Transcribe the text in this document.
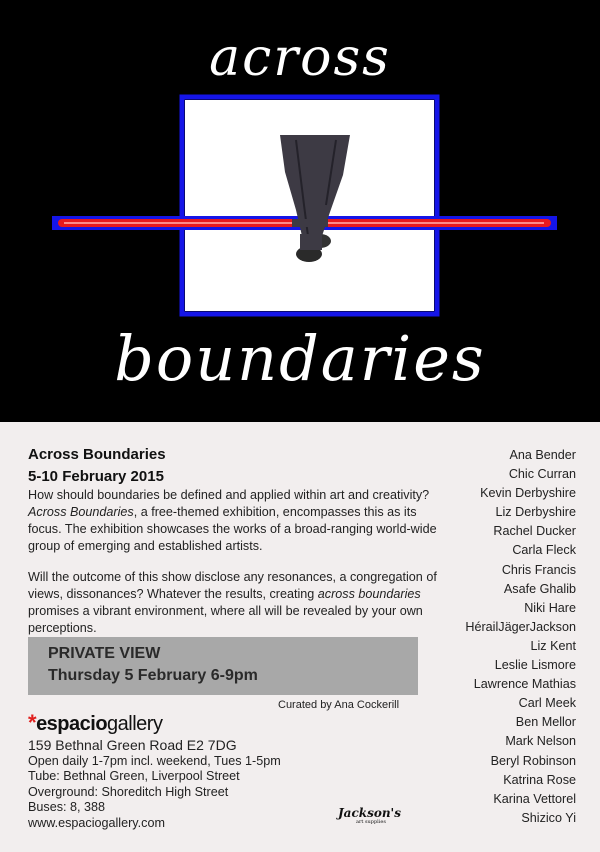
across
boundaries
Across Boundaries
5-10 February 2015

How should boundaries be defined and applied within art and creativity? Across Boundaries, a free-themed exhibition, encompasses this as its focus. The exhibition showcases the works of a broad-ranging world-wide group of emerging and established artists.

Will the outcome of this show disclose any resonances, a congregation of views, dissonances? Whatever the results, creating across boundaries promises a vibrant environment, where all will be revealed by your own perceptions.

PRIVATE VIEW
Thursday 5 February 6-9pm
Curated by Ana Cockerill
*espaciogallery
159 Bethnal Green Road E2 7DG
Open daily 1-7pm incl. weekend, Tues 1-5pm
Tube: Bethnal Green, Liverpool Street
Overground: Shoreditch High Street
Buses: 8, 388
www.espaciogallery.com
Jackson's
art supplies
Ana Bender
Chic Curran
Kevin Derbyshire
Liz Derbyshire
Rachel Ducker
Carla Fleck
Chris Francis
Asafe Ghalib
Niki Hare
HérailJägerJackson
Liz Kent
Leslie Lismore
Lawrence Mathias
Carl Meek
Ben Mellor
Mark Nelson
Beryl Robinson
Katrina Rose
Karina Vettorel
Shizico Yi
